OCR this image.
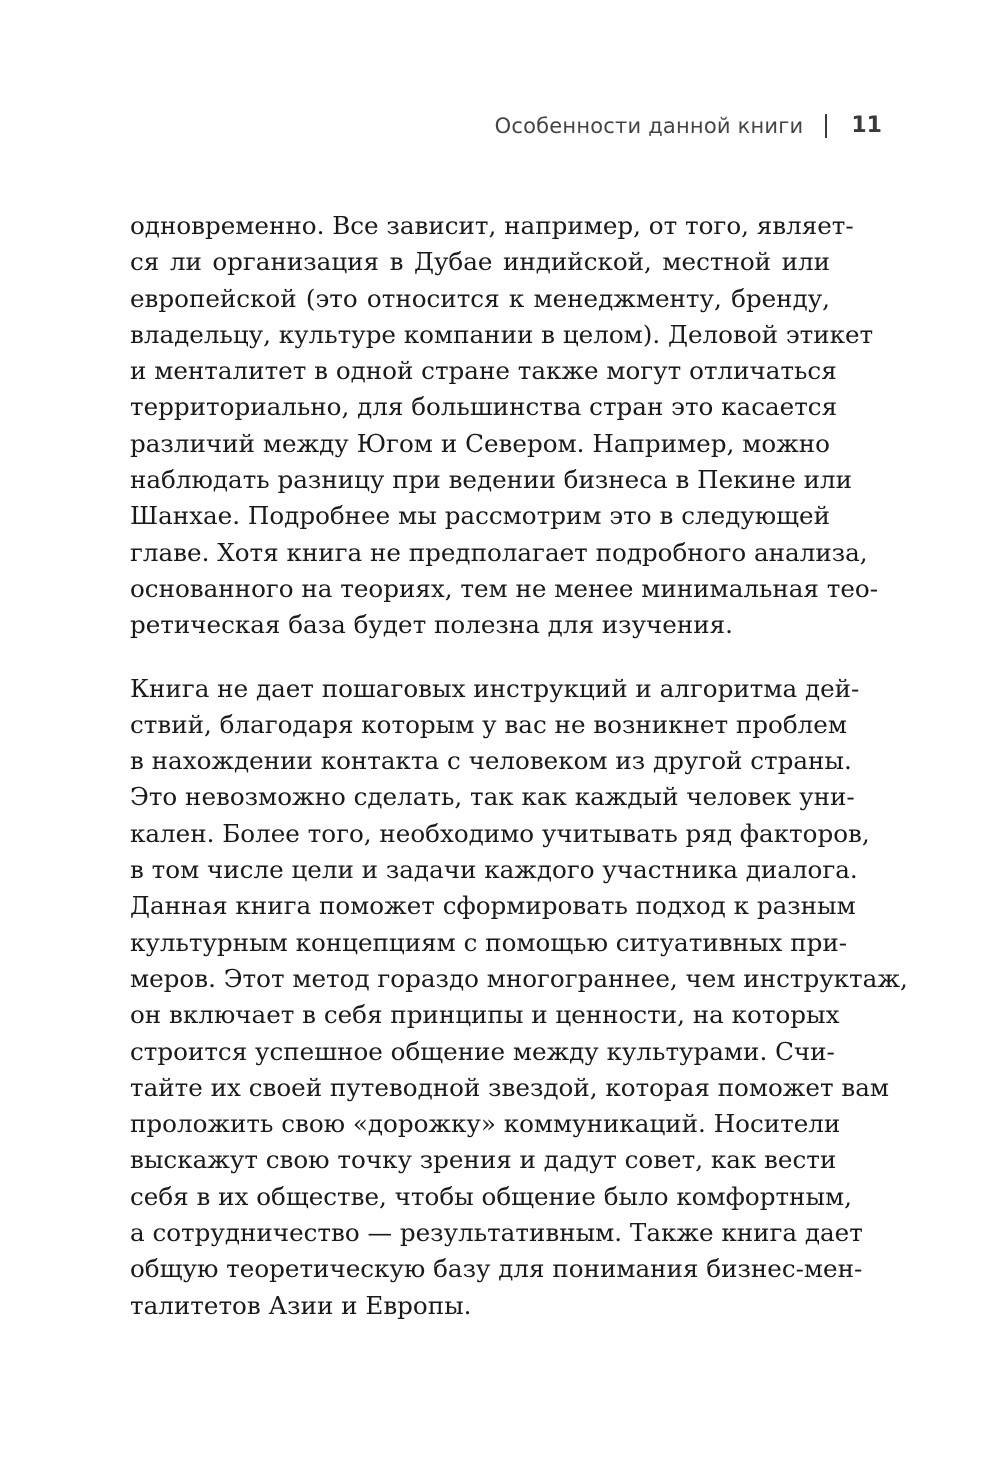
Особенности данной книги 11
одновременно. Все зависит, например, от того, являет-
ся ли организация в Дубае индийской, местной или
европейской (это относится к менеджменту, бренду,
владельцу, культуре компании в целом). Деловой этикет
и менталитет в одной стране также могут отличаться
территориально, для большинства стран это касается
различий между Югом и Севером. Например, можно
наблюдать разницу при ведении бизнеса в Пекине или
Шанхае. Подробнее мы рассмотрим это в следующей
главе. Хотя книга не предполагает подробного анализа,
основанного на теориях, тем не менее минимальная тео-
ретическая база будет полезна для изучения.
Книга не дает пошаговых инструкций и алгоритма дей-
ствий, благодаря которым у вас не возникнет проблем
в нахождении контакта с человеком из другой страны.
Это невозможно сделать, так как каждый человек уни-
кален. Более того, необходимо учитывать ряд факторов,
в том числе цели и задачи каждого участника диалога.
Данная книга поможет сформировать подход к разным
культурным концепциям с помощью ситуативных при-
меров. Этот метод гораздо многограннее, чем инструктаж,
он включает в себя принципы и ценности, на которых
строится успешное общение между культурами. Счи-
тайте их своей путеводной звездой, которая поможет вам
проложить свою «дорожку» коммуникаций. Носители
выскажут свою точку зрения и дадут совет, как вести
себя в их обществе, чтобы общение было комфортным,
а сотрудничество — результативным. Также книга дает
общую теоретическую базу для понимания бизнес-мен-
талитетов Азии и Европы.
